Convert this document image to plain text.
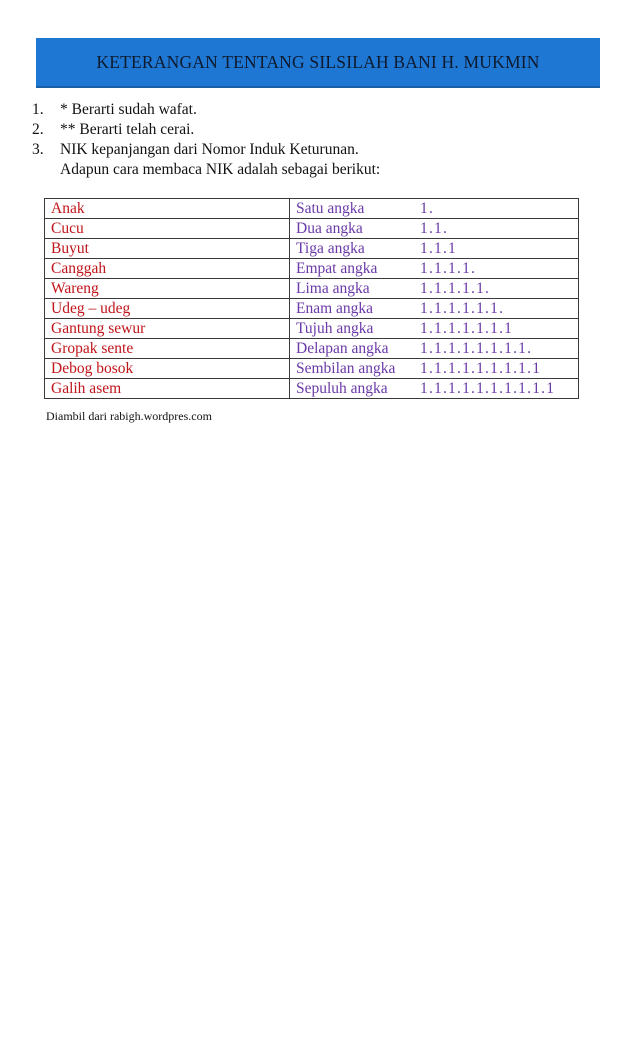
KETERANGAN TENTANG SILSILAH BANI H. MUKMIN
1.	* Berarti sudah wafat.
2.	** Berarti telah cerai.
3.	NIK kepanjangan dari Nomor Induk Keturunan.
Adapun cara membaca NIK adalah sebagai berikut:
Anak	Satu angka 1.
Cucu	Dua angka 1.1.
Buyut	Tiga angka 1.1.1
Canggah	Empat angka 1.1.1.1.
Wareng	Lima angka 1.1.1.1.1.
Udeg – udeg	Enam angka 1.1.1.1.1.1.
Gantung sewur	Tujuh angka 1.1.1.1.1.1.1
Gropak sente	Delapan angka 1.1.1.1.1.1.1.1.
Debog bosok	Sembilan angka 1.1.1.1.1.1.1.1.1
Galih asem	Sepuluh angka 1.1.1.1.1.1.1.1.1.1
Diambil dari rabigh.wordpres.com
